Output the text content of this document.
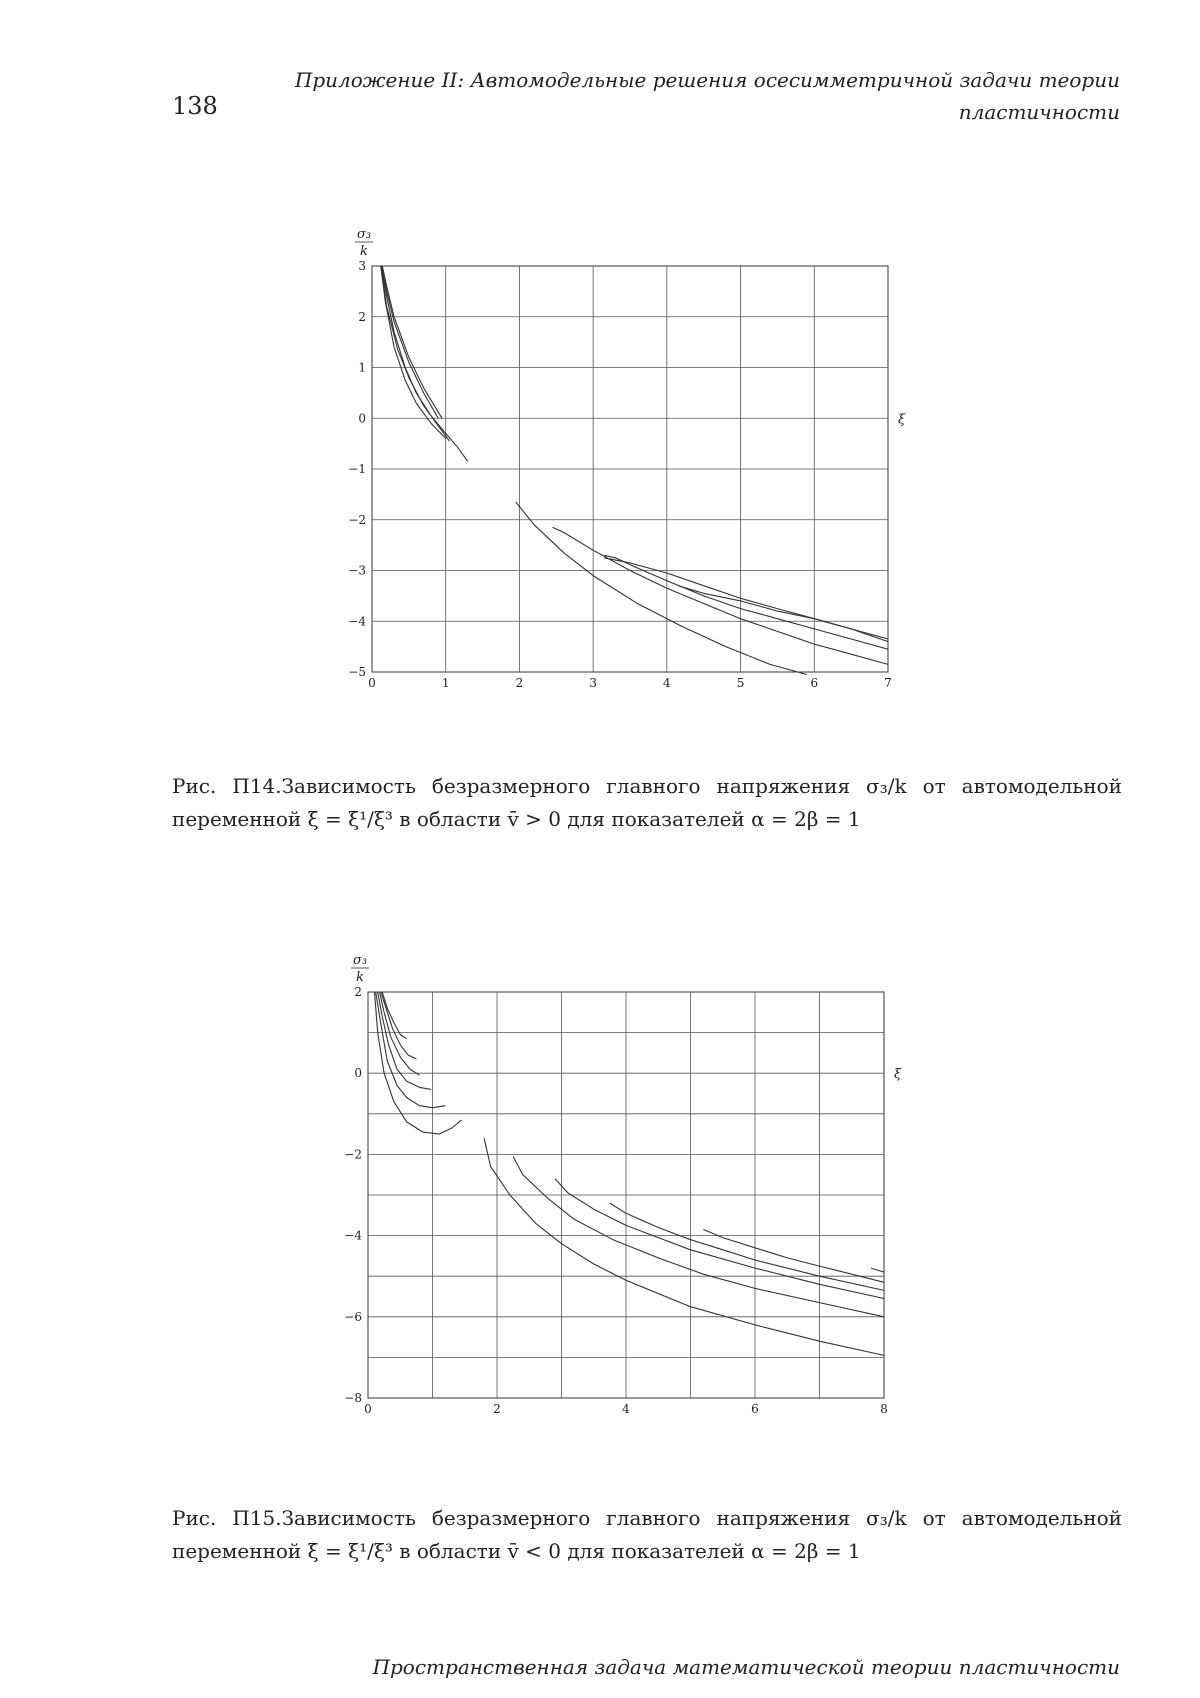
138
Приложение II: Автомодельные решения осесимметричной задачи теории пластичности
0	1	2	3	4	5	6	7
3
2
1
0
−1
−2
−3
−4
−5
σ₃
k
ξ
Рис. П14.Зависимость безразмерного главного напряжения σ₃/k от автомодельной переменной ξ = ξ¹/ξ³ в области v̄ > 0 для показателей α = 2β = 1
0	2	4	6	8
2
0
−2
−4
−6
−8
σ₃
k
ξ
Рис. П15.Зависимость безразмерного главного напряжения σ₃/k от автомодельной переменной ξ = ξ¹/ξ³ в области v̄ < 0 для показателей α = 2β = 1
Пространственная задача математической теории пластичности
